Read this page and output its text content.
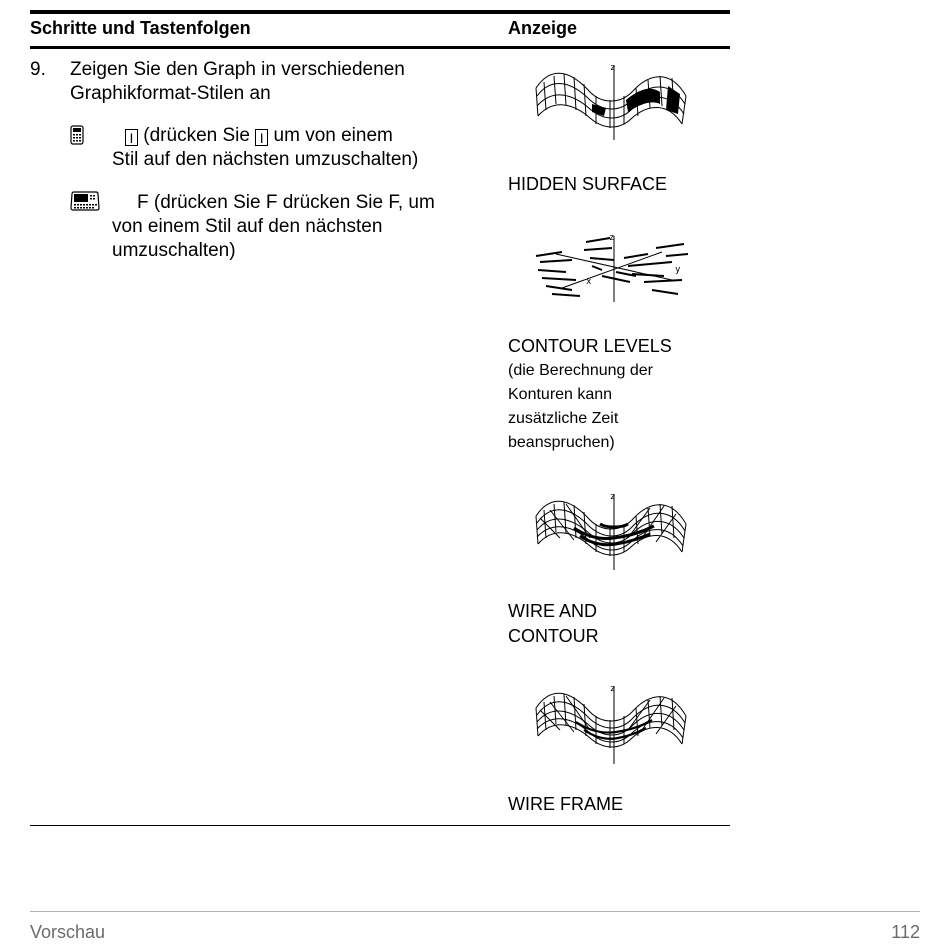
Schritte und Tastenfolgen	Anzeige
9. Zeigen Sie den Graph in verschiedenen
Graphikformat-Stilen an
I (drücken Sie I um von einem
Stil auf den nächsten umzuschalten)
F (drücken Sie F drücken Sie F, um
von einem Stil auf den nächsten
umzuschalten)
z
HIDDEN SURFACE
z
y
x
CONTOUR LEVELS
(die Berechnung der
Konturen kann
zusätzliche Zeit
beanspruchen)
z
WIRE AND
CONTOUR
z
WIRE FRAME
Vorschau	112
